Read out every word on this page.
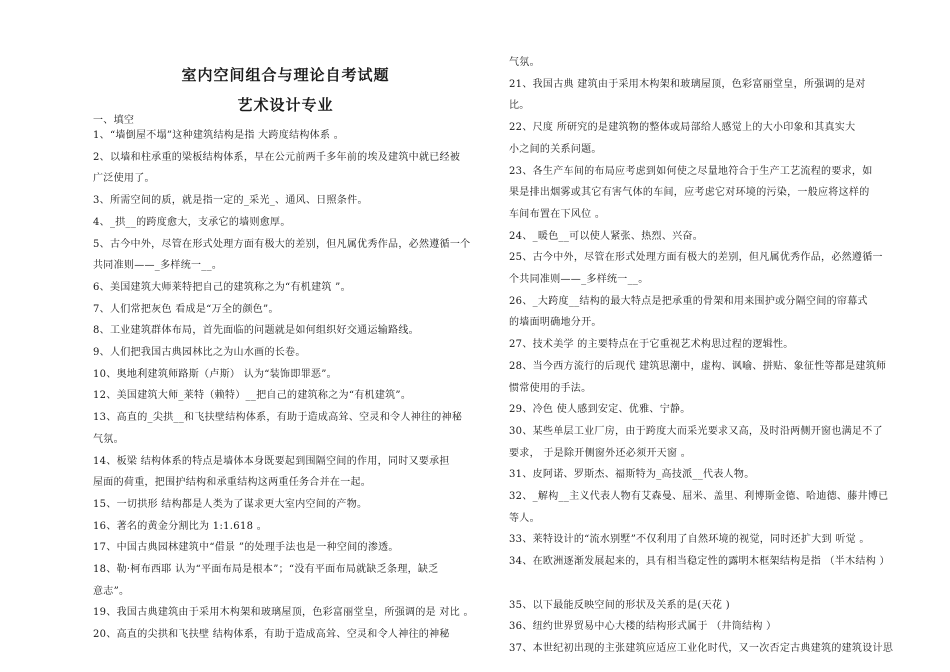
室内空间组合与理论自考试题
艺术设计专业
一、填空
1、“墙倒屋不塌”这种建筑结构是指 大跨度结构体系 。
2、以墙和柱承重的梁板结构体系，早在公元前两千多年前的埃及建筑中就已经被
广泛使用了。
3、所需空间的质，就是指一定的_采光_、通风、日照条件。
4、_拱__的跨度愈大，支承它的墙则愈厚。
5、古今中外，尽管在形式处理方面有极大的差别，但凡属优秀作品，必然遵循一个
共同准则——_多样统一__。
6、美国建筑大师莱特把自己的建筑称之为“有机建筑 ”。
7、人们常把灰色 看成是“万全的颜色”。
8、工业建筑群体布局，首先面临的问题就是如何组织好交通运输路线。
9、人们把我国古典园林比之为山水画的长卷。
10、奥地利建筑师路斯（卢斯） 认为“装饰即罪恶”。
12、美国建筑大师_莱特（赖特）__把自己的建筑称之为“有机建筑”。
13、高直的_尖拱__和飞扶壁结构体系，有助于造成高耸、空灵和令人神往的神秘
气氛。
14、板梁 结构体系的特点是墙体本身既要起到围隔空间的作用，同时又要承担
屋面的荷重，把围护结构和承重结构这两重任务合并在一起。
15、一切拱形 结构都是人类为了谋求更大室内空间的产物。
16、著名的黄金分割比为 1:1.618 。
17、中国古典园林建筑中“借景 ”的处理手法也是一种空间的渗透。
18、勒·柯布西耶 认为“平面布局是根本”；“没有平面布局就缺乏条理，缺乏
意志”。
19、我国古典建筑由于采用木构架和玻璃屋顶，色彩富丽堂皇，所强调的是 对比 。
20、高直的尖拱和飞扶壁 结构体系，有助于造成高耸、空灵和令人神往的神秘
气氛。
21、我国古典 建筑由于采用木构架和玻璃屋顶，色彩富丽堂皇，所强调的是对
比。
22、尺度 所研究的是建筑物的整体或局部给人感觉上的大小印象和其真实大
小之间的关系问题。
23、各生产车间的布局应考虑到如何使之尽量地符合于生产工艺流程的要求，如
果是排出烟雾或其它有害气体的车间，应考虑它对环境的污染，一般应将这样的
车间布置在下风位 。
24、_暖色__可以使人紧张、热烈、兴奋。
25、古今中外，尽管在形式处理方面有极大的差别，但凡属优秀作品，必然遵循一
个共同准则——_多样统一__。
26、_大跨度__结构的最大特点是把承重的骨架和用来围护或分隔空间的帘幕式
的墙面明确地分开。
27、技术美学 的主要特点在于它重视艺术构思过程的逻辑性。
28、当今西方流行的后现代 建筑思潮中，虚构、讽喻、拼贴、象征性等都是建筑师
惯常使用的手法。
29、冷色 使人感到安定、优雅、宁静。
30、某些单层工业厂房，由于跨度大而采光要求又高，及时沿两侧开窗也满足不了
要求， 于是除开侧窗外还必须开天窗 。
31、皮阿诺、罗斯杰、福斯特为_高技派__代表人物。
32、_解构__主义代表人物有艾森曼、屈米、盖里、利博斯金德、哈迪德、藤井博已
等人。
33、莱特设计的“流水别墅”不仅利用了自然环境的视觉，同时还扩大到 听觉 。
34、在欧洲逐渐发展起来的，具有相当稳定性的露明木框架结构是指 （半木结构 ）
35、以下最能反映空间的形状及关系的是(天花 )
36、纽约世界贸易中心大楼的结构形式属于 （井筒结构 ）
37、本世纪初出现的主张建筑应适应工业化时代，又一次否定古典建筑的建筑设计思
